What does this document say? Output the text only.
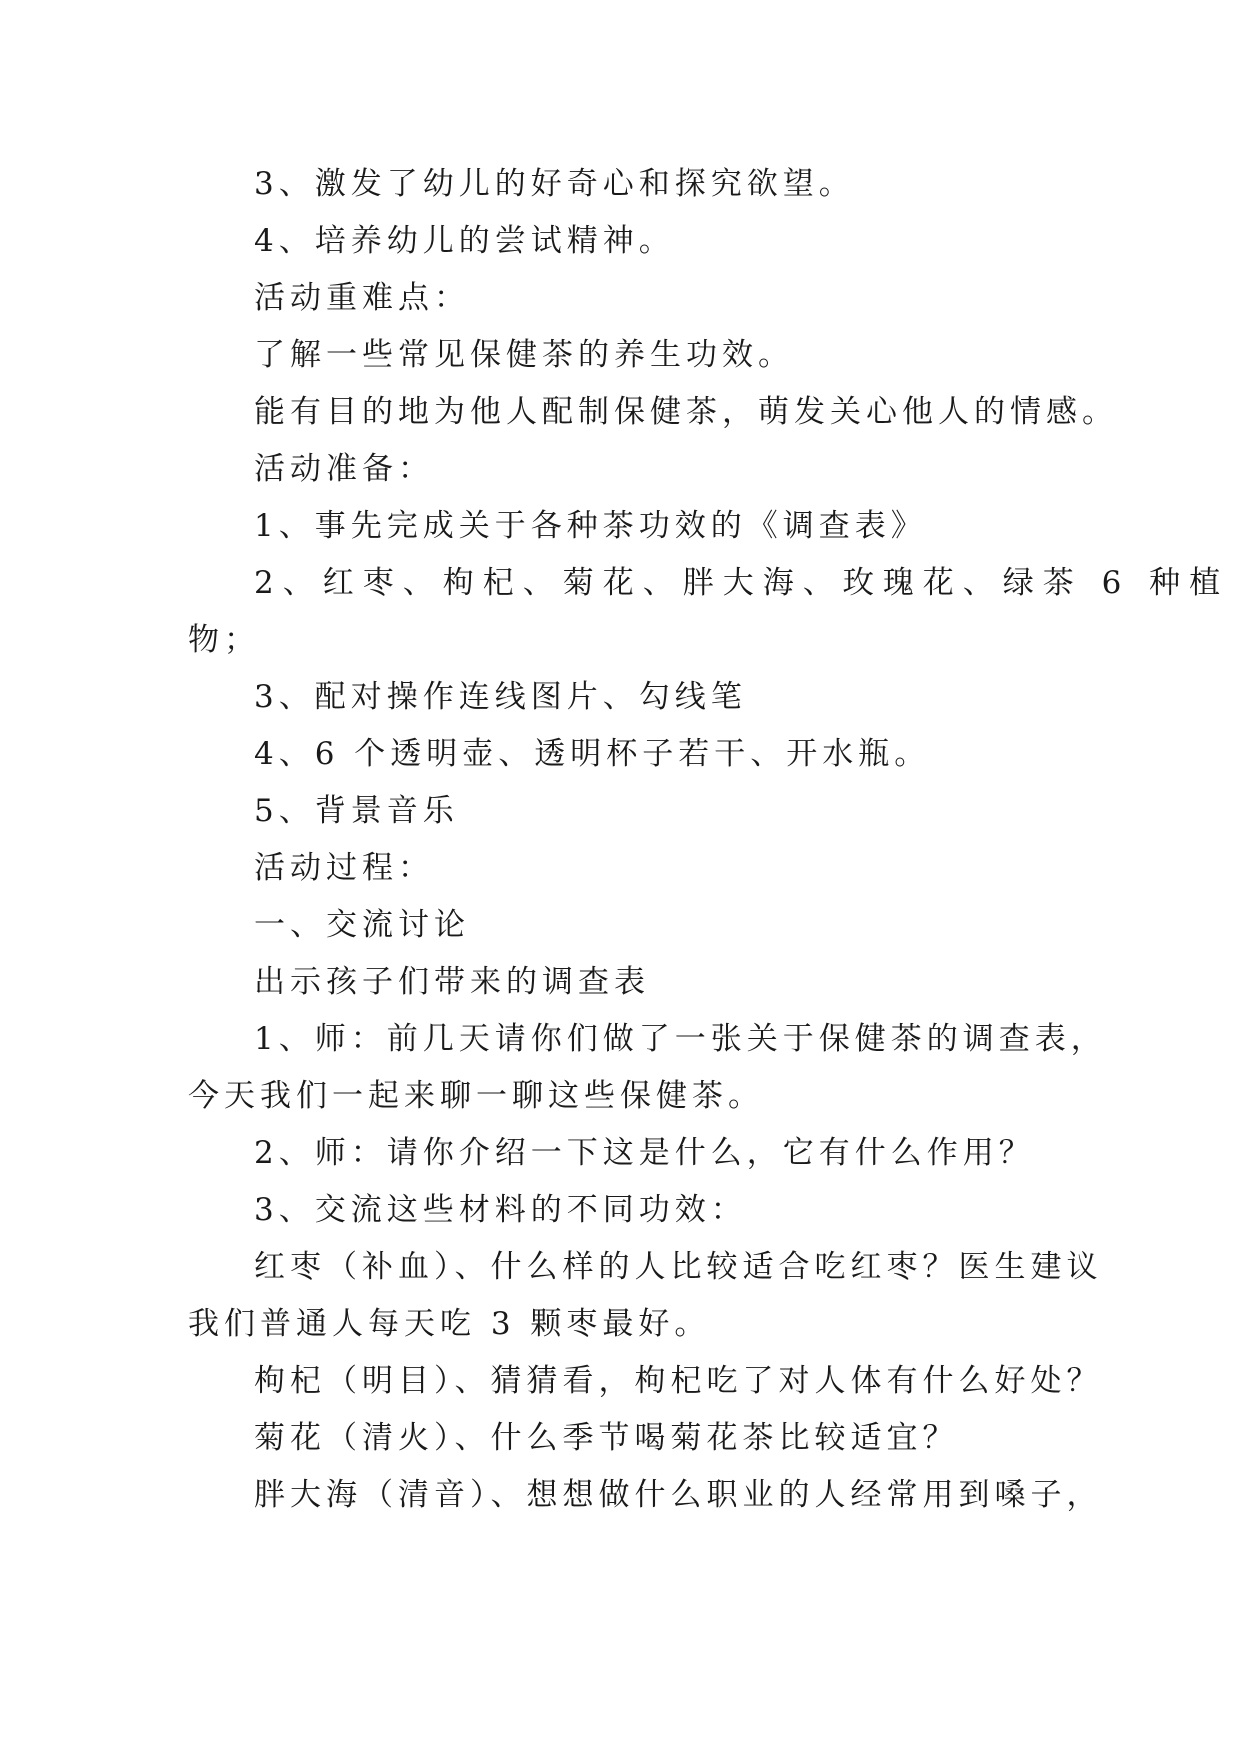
3、激发了幼儿的好奇心和探究欲望。
4、培养幼儿的尝试精神。
活动重难点：
了解一些常见保健茶的养生功效。
能有目的地为他人配制保健茶，萌发关心他人的情感。
活动准备：
1、事先完成关于各种茶功效的《调查表》
2、红枣、枸杞、菊花、胖大海、玫瑰花、绿茶 6 种植
物；
3、配对操作连线图片、勾线笔
4、6 个透明壶、透明杯子若干、开水瓶。
5、背景音乐
活动过程：
一、交流讨论
出示孩子们带来的调查表
1、师：前几天请你们做了一张关于保健茶的调查表，
今天我们一起来聊一聊这些保健茶。
2、师：请你介绍一下这是什么，它有什么作用？
3、交流这些材料的不同功效：
红枣（补血）、什么样的人比较适合吃红枣？医生建议
我们普通人每天吃 3 颗枣最好。
枸杞（明目）、猜猜看，枸杞吃了对人体有什么好处？
菊花（清火）、什么季节喝菊花茶比较适宜？
胖大海（清音）、想想做什么职业的人经常用到嗓子，
